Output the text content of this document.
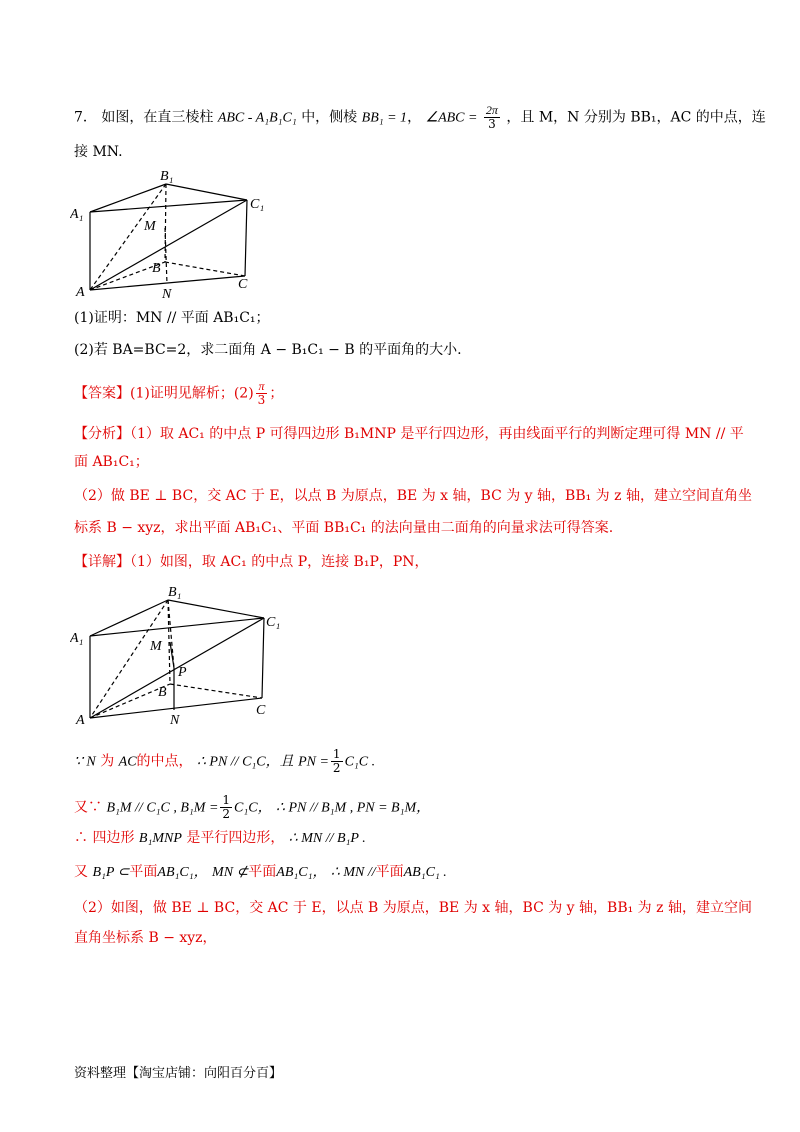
7． 如图，在直三棱柱 ABC - A₁B₁C₁ 中，侧棱 BB₁ = 1， ∠ABC = $\frac{2\pi}{3}$ ，且 M，N 分别为 BB₁，AC 的中点，连
接 MN.
B₁
C₁
A₁
M
B
A	N
C
(1)证明：MN // 平面 AB₁C₁；
(2)若 BA=BC=2，求二面角 A − B₁C₁ − B 的平面角的大小.
【答案】(1)证明见解析；$(2) \frac{\pi}{3}$ ；
【分析】（1）取 AC₁ 的中点 P 可得四边形 B₁MNP 是平行四边形，再由线面平行的判断定理可得 MN // 平
面 AB₁C₁；
（2）做 BE ⊥ BC，交 AC 于 E，以点 B 为原点，BE 为 x 轴，BC 为 y 轴，BB₁ 为 z 轴，建立空间直角坐
标系 B − xyz，求出平面 AB₁C₁、平面 BB₁C₁ 的法向量由二面角的向量求法可得答案.
【详解】（1）如图，取 AC₁ 的中点 P，连接 B₁P，PN，
B₁
C₁
A₁
M
P
B
A	N
C
∵ N 为 AC的中点， ∴ PN // C₁C，且 PN = $\frac{1}{2} C_1C$ .
又∵ B₁M // C₁C , $B_1M = \frac{1}{2} C_1C$， ∴ PN // B₁M , PN = B₁M，
∴ 四边形 B₁MNP 是平行四边形， ∴ MN // B₁P .
又 B₁P ⊂平面AB₁C₁， MN ⊄平面AB₁C₁， ∴ MN //平面AB₁C₁ .
（2）如图，做 BE ⊥ BC，交 AC 于 E，以点 B 为原点，BE 为 x 轴，BC 为 y 轴，BB₁ 为 z 轴，建立空间
直角坐标系 B − xyz，
资料整理【淘宝店铺：向阳百分百】
